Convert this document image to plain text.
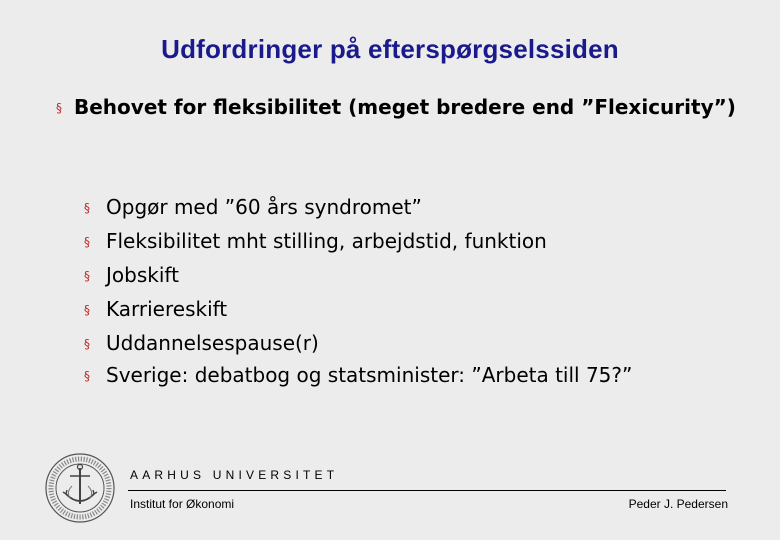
Udfordringer på efterspørgselssiden
§ Behovet for fleksibilitet (meget bredere end ”Flexicurity”)
§ Opgør med ”60 års syndromet”
§ Fleksibilitet mht stilling, arbejdstid, funktion
§ Jobskift
§ Karriereskift
§ Uddannelsespause(r)
§ Sverige: debatbog og statsminister: ”Arbeta till 75?”
AARHUS UNIVERSITET
Institut for Økonomi	Peder J. Pedersen
